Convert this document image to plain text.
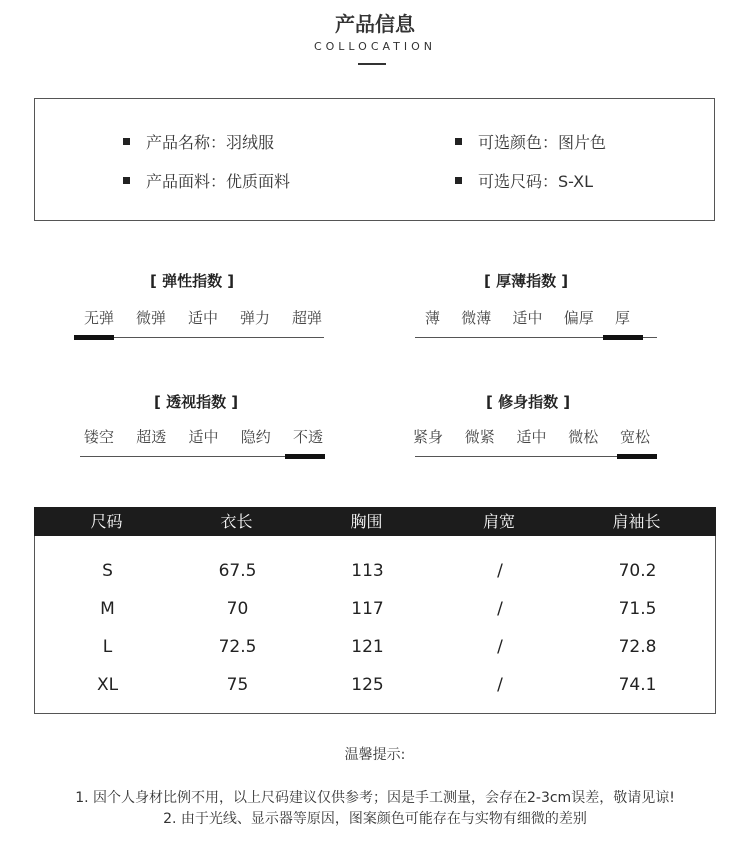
产品信息
COLLOCATION
产品名称：羽绒服
产品面料：优质面料
可选颜色：图片色
可选尺码：S-XL
[ 弹性指数 ]
无弹 微弹 适中 弹力 超弹
[ 厚薄指数 ]
薄 微薄 适中 偏厚 厚
[ 透视指数 ]
镂空 超透 适中 隐约 不透
[ 修身指数 ]
紧身 微紧 适中 微松 宽松
尺码	衣长	胸围	肩宽	肩袖长
S	67.5	113	/	70.2
M	70	117	/	71.5
L	72.5	121	/	72.8
XL	75	125	/	74.1
温馨提示:
1. 因个人身材比例不用，以上尺码建议仅供参考；因是手工测量，会存在2-3cm误差，敬请见谅!
2. 由于光线、显示器等原因，图案颜色可能存在与实物有细微的差别
